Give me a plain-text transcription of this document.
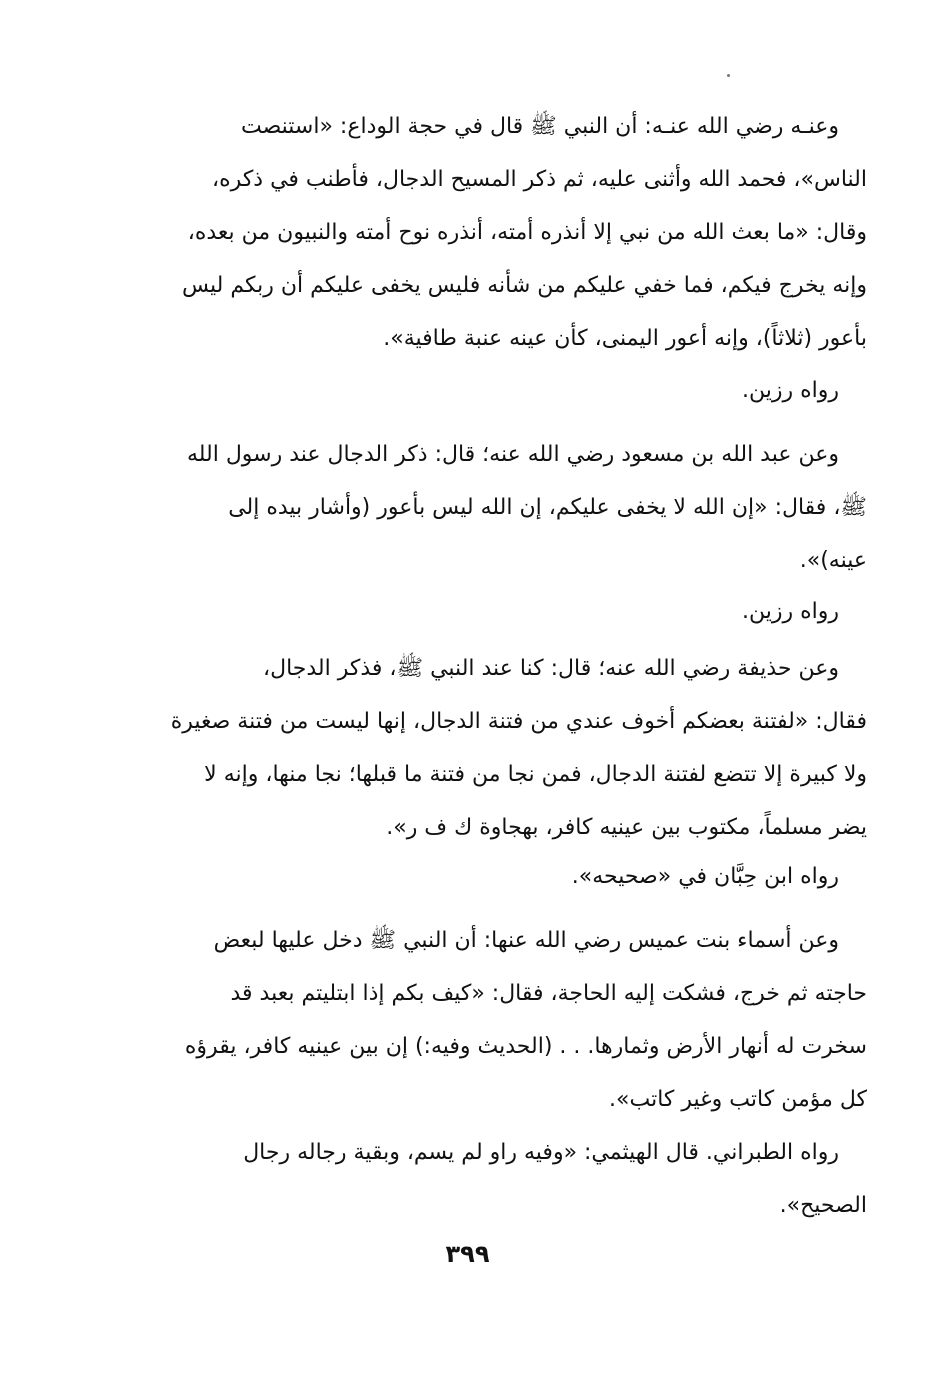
وعنـه رضي الله عنـه: أن النبي ﷺ قال في حجة الوداع: «استنصت
الناس»، فحمد الله وأثنى عليه، ثم ذكر المسيح الدجال، فأطنب في ذكره،
وقال: «ما بعث الله من نبي إلا أنذره أمته، أنذره نوح أمته والنبيون من بعده،
وإنه يخرج فيكم، فما خفي عليكم من شأنه فليس يخفى عليكم أن ربكم ليس
بأعور (ثلاثاً)، وإنه أعور اليمنى، كأن عينه عنبة طافية».
رواه رزين.
وعن عبد الله بن مسعود رضي الله عنه؛ قال: ذكر الدجال عند رسول الله
ﷺ، فقال: «إن الله لا يخفى عليكم، إن الله ليس بأعور (وأشار بيده إلى
عينه)».
رواه رزين.
وعن حذيفة رضي الله عنه؛ قال: كنا عند النبي ﷺ، فذكر الدجال،
فقال: «لفتنة بعضكم أخوف عندي من فتنة الدجال، إنها ليست من فتنة صغيرة
ولا كبيرة إلا تتضع لفتنة الدجال، فمن نجا من فتنة ما قبلها؛ نجا منها، وإنه لا
يضر مسلماً، مكتوب بين عينيه كافر، بهجاوة ك ف ر».
رواه ابن حِبَّان في «صحيحه».
وعن أسماء بنت عميس رضي الله عنها: أن النبي ﷺ دخل عليها لبعض
حاجته ثم خرج، فشكت إليه الحاجة، فقال: «كيف بكم إذا ابتليتم بعبد قد
سخرت له أنهار الأرض وثمارها. . . (الحديث وفيه:) إن بين عينيه كافر، يقرؤه
كل مؤمن كاتب وغير كاتب».
رواه الطبراني. قال الهيثمي: «وفيه راو لم يسم، وبقية رجاله رجال
الصحيح».
٣٩٩
